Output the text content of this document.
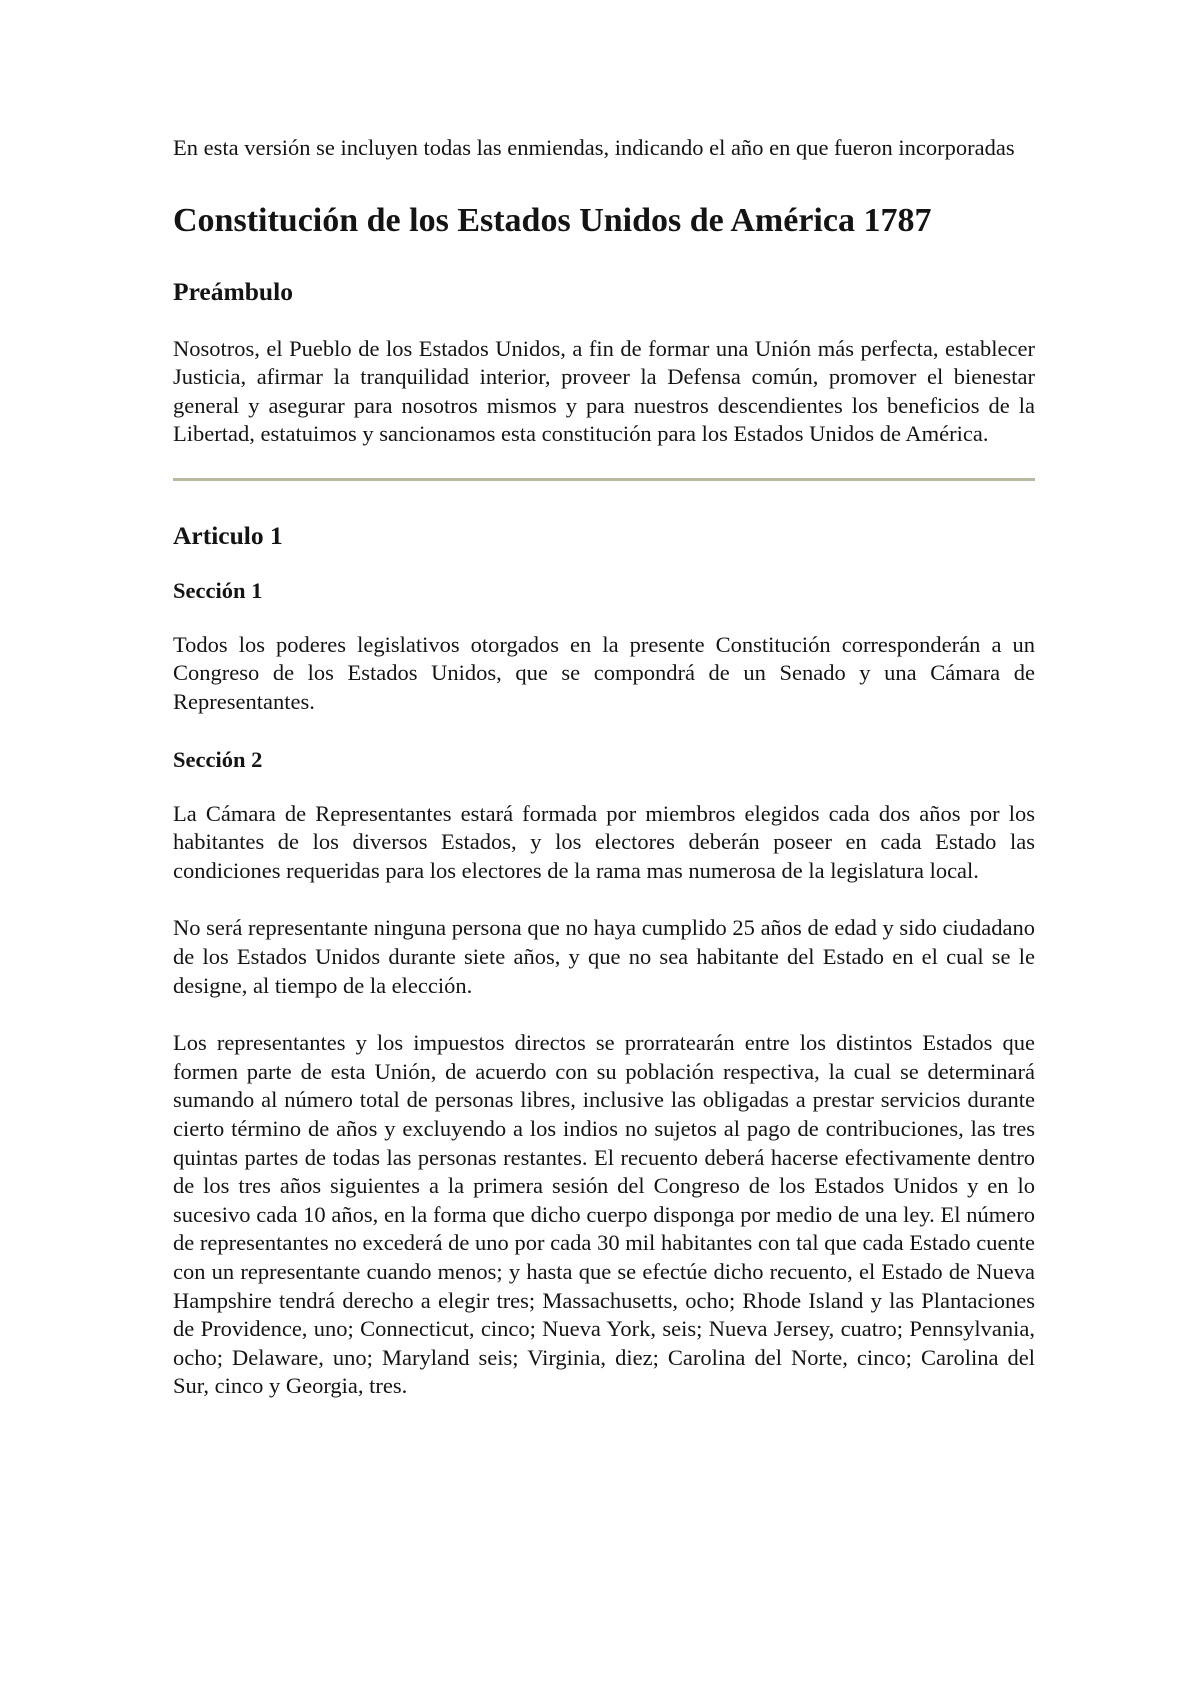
En esta versión se incluyen todas las enmiendas, indicando el año en que fueron incorporadas

Constitución de los Estados Unidos de América 1787
Preámbulo

Nosotros, el Pueblo de los Estados Unidos, a fin de formar una Unión más perfecta, establecer Justicia, afirmar la tranquilidad interior, proveer la Defensa común, promover el bienestar general y asegurar para nosotros mismos y para nuestros descendientes los beneficios de la Libertad, estatuimos y sancionamos esta constitución para los Estados Unidos de América.

Articulo 1
Sección 1

Todos los poderes legislativos otorgados en la presente Constitución corresponderán a un Congreso de los Estados Unidos, que se compondrá de un Senado y una Cámara de Representantes.

Sección 2

La Cámara de Representantes estará formada por miembros elegidos cada dos años por los habitantes de los diversos Estados, y los electores deberán poseer en cada Estado las condiciones requeridas para los electores de la rama mas numerosa de la legislatura local.

No será representante ninguna persona que no haya cumplido 25 años de edad y sido ciudadano de los Estados Unidos durante siete años, y que no sea habitante del Estado en el cual se le designe, al tiempo de la elección.

Los representantes y los impuestos directos se prorratearán entre los distintos Estados que formen parte de esta Unión, de acuerdo con su población respectiva, la cual se determinará sumando al número total de personas libres, inclusive las obligadas a prestar servicios durante cierto término de años y excluyendo a los indios no sujetos al pago de contribuciones, las tres quintas partes de todas las personas restantes. El recuento deberá hacerse efectivamente dentro de los tres años siguientes a la primera sesión del Congreso de los Estados Unidos y en lo sucesivo cada 10 años, en la forma que dicho cuerpo disponga por medio de una ley. El número de representantes no excederá de uno por cada 30 mil habitantes con tal que cada Estado cuente con un representante cuando menos; y hasta que se efectúe dicho recuento, el Estado de Nueva Hampshire tendrá derecho a elegir tres; Massachusetts, ocho; Rhode Island y las Plantaciones de Providence, uno; Connecticut, cinco; Nueva York, seis; Nueva Jersey, cuatro; Pennsylvania, ocho; Delaware, uno; Maryland seis; Virginia, diez; Carolina del Norte, cinco; Carolina del Sur, cinco y Georgia, tres.
